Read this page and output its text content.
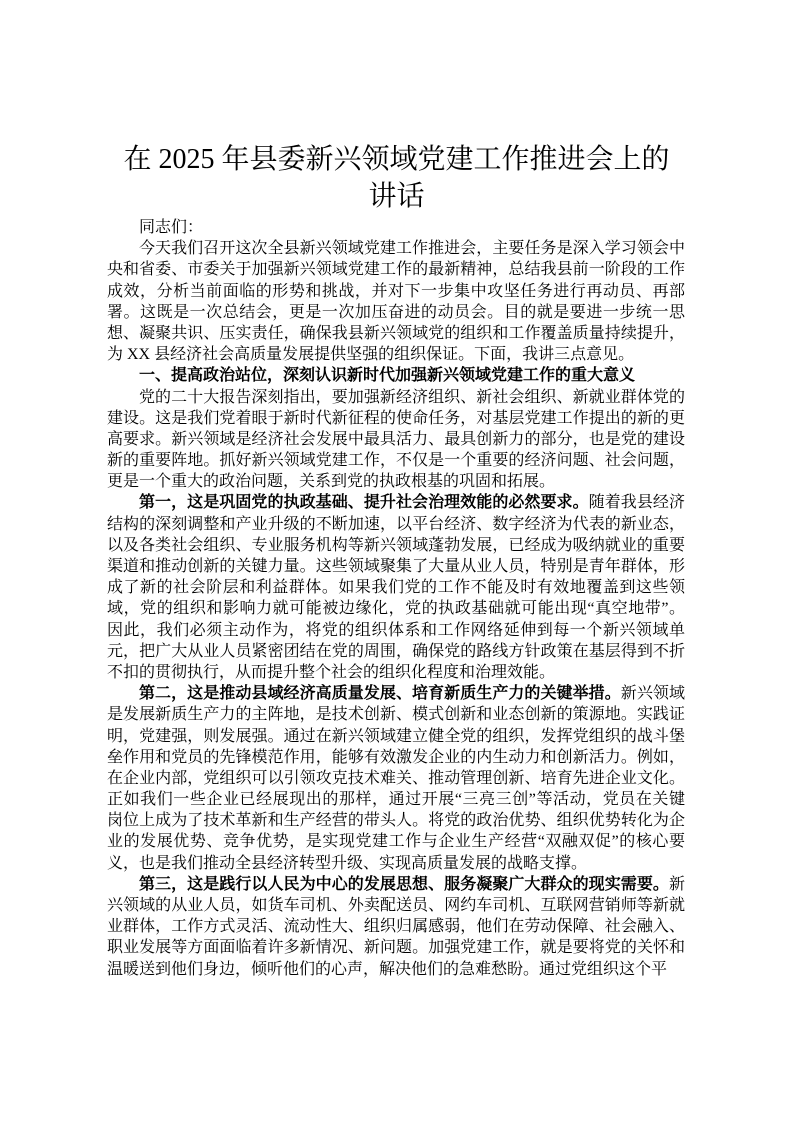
在 2025 年县委新兴领域党建工作推进会上的
讲话
同志们：
今天我们召开这次全县新兴领域党建工作推进会，主要任务是深入学习领会中
央和省委、市委关于加强新兴领域党建工作的最新精神，总结我县前一阶段的工作
成效，分析当前面临的形势和挑战，并对下一步集中攻坚任务进行再动员、再部
署。这既是一次总结会，更是一次加压奋进的动员会。目的就是要进一步统一思
想、凝聚共识、压实责任，确保我县新兴领域党的组织和工作覆盖质量持续提升，
为 XX 县经济社会高质量发展提供坚强的组织保证。下面，我讲三点意见。
一、提高政治站位，深刻认识新时代加强新兴领域党建工作的重大意义
党的二十大报告深刻指出，要加强新经济组织、新社会组织、新就业群体党的
建设。这是我们党着眼于新时代新征程的使命任务，对基层党建工作提出的新的更
高要求。新兴领域是经济社会发展中最具活力、最具创新力的部分，也是党的建设
新的重要阵地。抓好新兴领域党建工作，不仅是一个重要的经济问题、社会问题，
更是一个重大的政治问题，关系到党的执政根基的巩固和拓展。
第一，这是巩固党的执政基础、提升社会治理效能的必然要求。随着我县经济
结构的深刻调整和产业升级的不断加速，以平台经济、数字经济为代表的新业态，
以及各类社会组织、专业服务机构等新兴领域蓬勃发展，已经成为吸纳就业的重要
渠道和推动创新的关键力量。这些领域聚集了大量从业人员，特别是青年群体，形
成了新的社会阶层和利益群体。如果我们党的工作不能及时有效地覆盖到这些领
域，党的组织和影响力就可能被边缘化，党的执政基础就可能出现“真空地带”。
因此，我们必须主动作为，将党的组织体系和工作网络延伸到每一个新兴领域单
元，把广大从业人员紧密团结在党的周围，确保党的路线方针政策在基层得到不折
不扣的贯彻执行，从而提升整个社会的组织化程度和治理效能。
第二，这是推动县域经济高质量发展、培育新质生产力的关键举措。新兴领域
是发展新质生产力的主阵地，是技术创新、模式创新和业态创新的策源地。实践证
明，党建强，则发展强。通过在新兴领域建立健全党的组织，发挥党组织的战斗堡
垒作用和党员的先锋模范作用，能够有效激发企业的内生动力和创新活力。例如，
在企业内部，党组织可以引领攻克技术难关、推动管理创新、培育先进企业文化。
正如我们一些企业已经展现出的那样，通过开展“三亮三创”等活动，党员在关键
岗位上成为了技术革新和生产经营的带头人。将党的政治优势、组织优势转化为企
业的发展优势、竞争优势，是实现党建工作与企业生产经营“双融双促”的核心要
义，也是我们推动全县经济转型升级、实现高质量发展的战略支撑。
第三，这是践行以人民为中心的发展思想、服务凝聚广大群众的现实需要。新
兴领域的从业人员，如货车司机、外卖配送员、网约车司机、互联网营销师等新就
业群体，工作方式灵活、流动性大、组织归属感弱，他们在劳动保障、社会融入、
职业发展等方面面临着许多新情况、新问题。加强党建工作，就是要将党的关怀和
温暖送到他们身边，倾听他们的心声，解决他们的急难愁盼。通过党组织这个平
